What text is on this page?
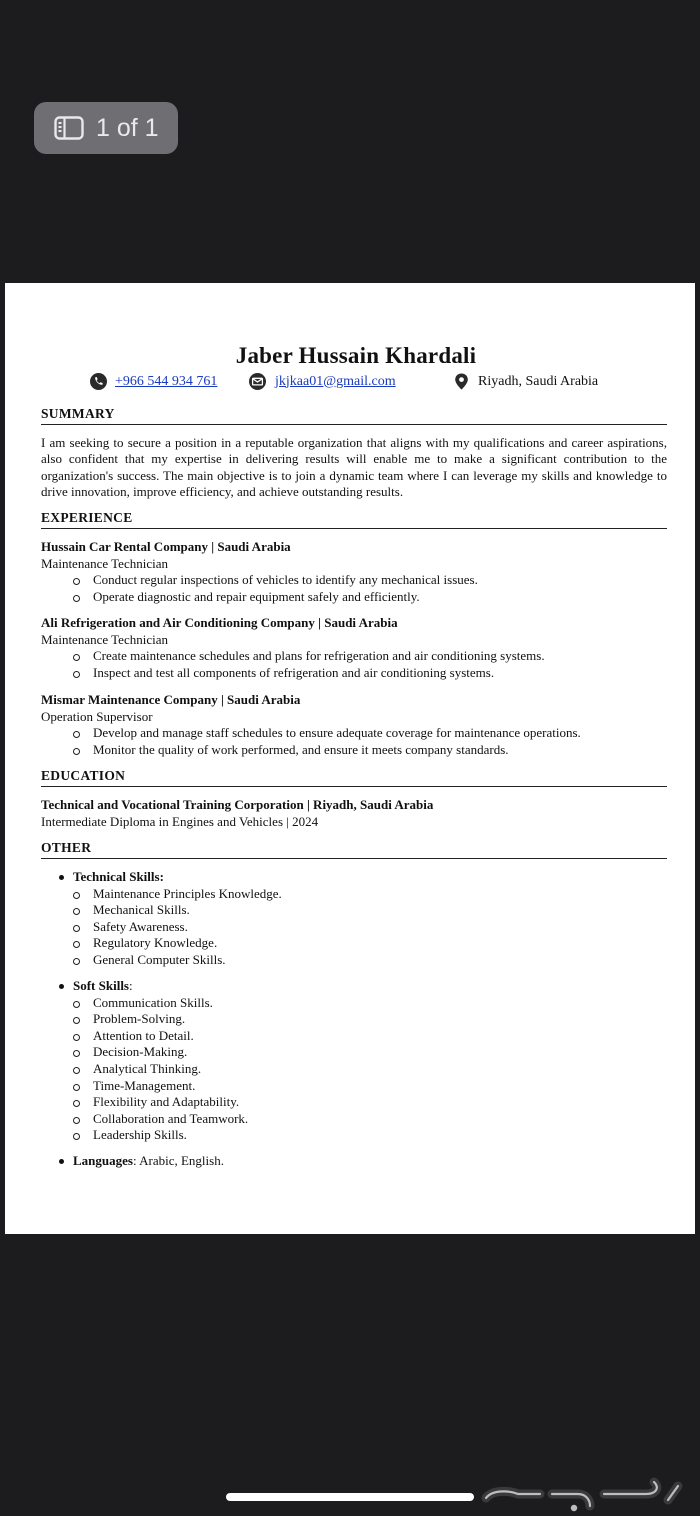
1 of 1
Jaber Hussain Khardali
+966 544 934 761	jkjkaa01@gmail.com	Riyadh, Saudi Arabia
SUMMARY
I am seeking to secure a position in a reputable organization that aligns with my qualifications and career aspirations, also confident that my expertise in delivering results will enable me to make a significant contribution to the organization's success. The main objective is to join a dynamic team where I can leverage my skills and knowledge to drive innovation, improve efficiency, and achieve outstanding results.
EXPERIENCE
Hussain Car Rental Company | Saudi Arabia
Maintenance Technician
Conduct regular inspections of vehicles to identify any mechanical issues.
Operate diagnostic and repair equipment safely and efficiently.
Ali Refrigeration and Air Conditioning Company | Saudi Arabia
Maintenance Technician
Create maintenance schedules and plans for refrigeration and air conditioning systems.
Inspect and test all components of refrigeration and air conditioning systems.
Mismar Maintenance Company | Saudi Arabia
Operation Supervisor
Develop and manage staff schedules to ensure adequate coverage for maintenance operations.
Monitor the quality of work performed, and ensure it meets company standards.
EDUCATION
Technical and Vocational Training Corporation | Riyadh, Saudi Arabia
Intermediate Diploma in Engines and Vehicles | 2024
OTHER
Technical Skills:
Maintenance Principles Knowledge.
Mechanical Skills.
Safety Awareness.
Regulatory Knowledge.
General Computer Skills.
Soft Skills:
Communication Skills.
Problem-Solving.
Attention to Detail.
Decision-Making.
Analytical Thinking.
Time-Management.
Flexibility and Adaptability.
Collaboration and Teamwork.
Leadership Skills.
Languages: Arabic, English.
